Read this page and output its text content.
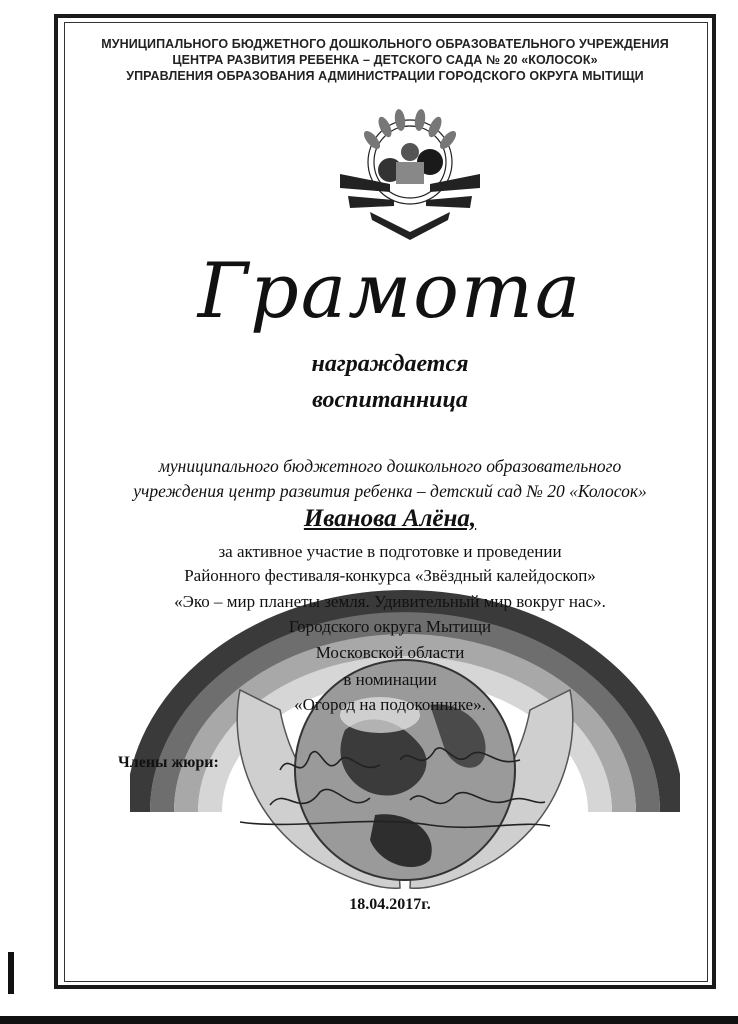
МУНИЦИПАЛЬНОГО БЮДЖЕТНОГО ДОШКОЛЬНОГО ОБРАЗОВАТЕЛЬНОГО УЧРЕЖДЕНИЯ
ЦЕНТРА РАЗВИТИЯ РЕБЕНКА – ДЕТСКОГО САДА № 20 «КОЛОСОК»
УПРАВЛЕНИЯ ОБРАЗОВАНИЯ АДМИНИСТРАЦИИ ГОРОДСКОГО ОКРУГА МЫТИЩИ
Грамота
награждается
воспитанница
муниципального бюджетного дошкольного образовательного
учреждения центр развития ребенка – детский сад № 20 «Колосок»
Иванова Алёна,
за активное участие в подготовке и проведении
Районного фестиваля-конкурса «Звёздный калейдоскоп»
«Эко – мир планеты земля. Удивительный мир вокруг нас».
Городского округа Мытищи
Московской области
в номинации
«Огород на подоконнике».
Члены жюри:
18.04.2017г.
